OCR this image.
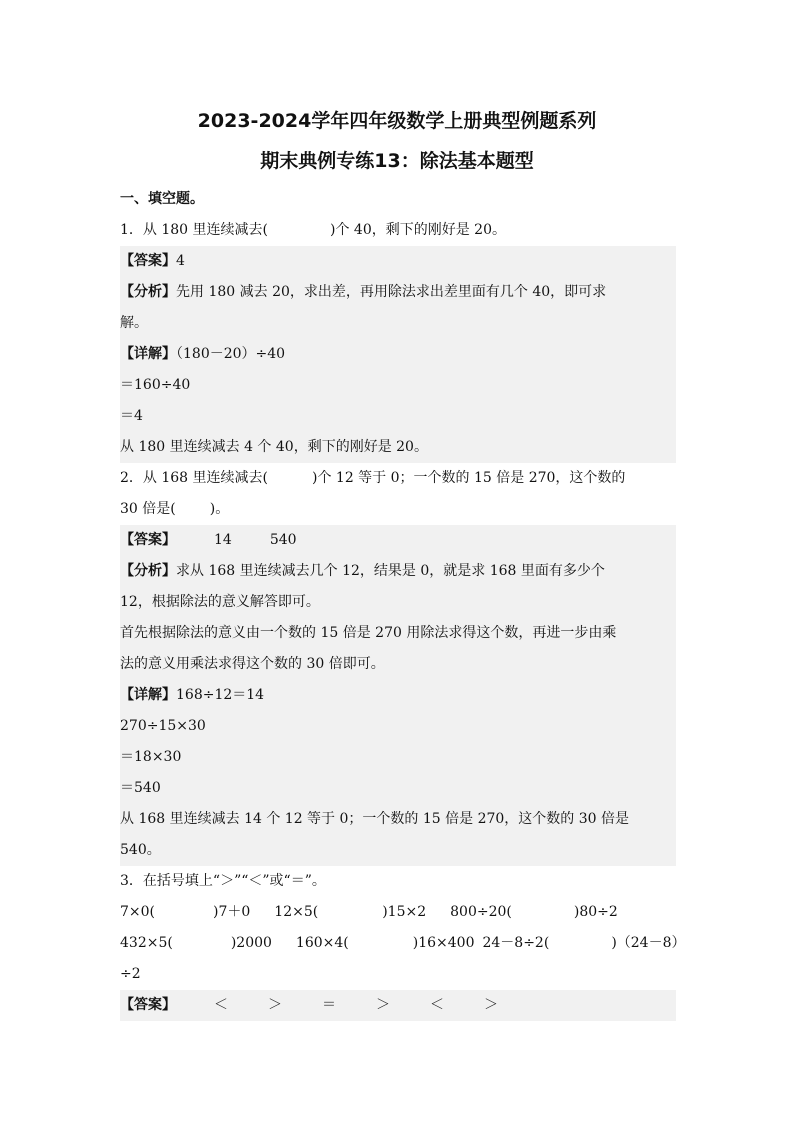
2023-2024学年四年级数学上册典型例题系列
期末典例专练13：除法基本题型
一、填空题。
1．从 180 里连续减去(	)个 40，剩下的刚好是 20。
【答案】4
【分析】先用 180 减去 20，求出差，再用除法求出差里面有几个 40，即可求
解。
【详解】（180－20）÷40
＝160÷40
＝4
从 180 里连续减去 4 个 40，剩下的刚好是 20。
2．从 168 里连续减去(	)个 12 等于 0；一个数的 15 倍是 270，这个数的
30 倍是( )。
【答案】	14	540
【分析】求从 168 里连续减去几个 12，结果是 0，就是求 168 里面有多少个
12，根据除法的意义解答即可。
首先根据除法的意义由一个数的 15 倍是 270 用除法求得这个数，再进一步由乘
法的意义用乘法求得这个数的 30 倍即可。
【详解】168÷12＝14
270÷15×30
＝18×30
＝540
从 168 里连续减去 14 个 12 等于 0；一个数的 15 倍是 270，这个数的 30 倍是
540。
3．在括号填上“＞”“＜”或“＝”。
7×0(	)7＋0 12×5(	)15×2 800÷20(	)80÷2
432×5(	)2000 160×4(	)16×400 24－8÷2(	)（24－8）
÷2
【答案】	＜	＞	＝	＞	＜	＞
